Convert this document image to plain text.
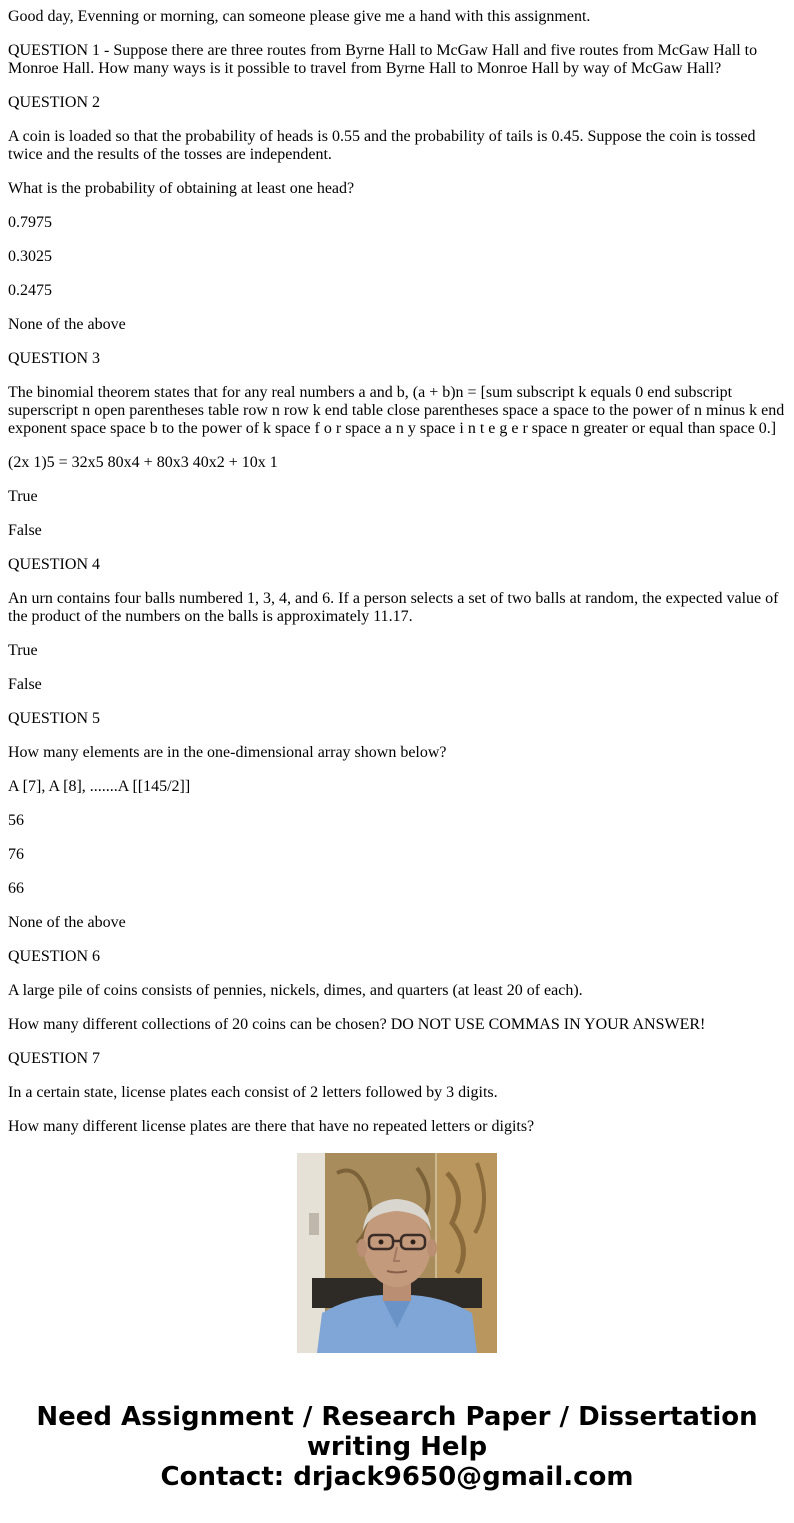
Good day, Evenning or morning, can someone please give me a hand with this assignment.

QUESTION 1 - Suppose there are three routes from Byrne Hall to McGaw Hall and five routes from McGaw Hall to Monroe Hall. How many ways is it possible to travel from Byrne Hall to Monroe Hall by way of McGaw Hall?

QUESTION 2

A coin is loaded so that the probability of heads is 0.55 and the probability of tails is 0.45. Suppose the coin is tossed twice and the results of the tosses are independent.

What is the probability of obtaining at least one head?

0.7975

0.3025

0.2475

None of the above

QUESTION 3

The binomial theorem states that for any real numbers a and b, (a + b)n = [sum subscript k equals 0 end subscript superscript n open parentheses table row n row k end table close parentheses space a space to the power of n minus k end exponent space space b to the power of k space f o r space a n y space i n t e g e r space n greater or equal than space 0.]

(2x 1)5 = 32x5 80x4 + 80x3 40x2 + 10x 1

True

False

QUESTION 4

An urn contains four balls numbered 1, 3, 4, and 6. If a person selects a set of two balls at random, the expected value of the product of the numbers on the balls is approximately 11.17.

True

False

QUESTION 5

How many elements are in the one-dimensional array shown below?

A [7], A [8], .......A [[145/2]]

56

76

66

None of the above

QUESTION 6

A large pile of coins consists of pennies, nickels, dimes, and quarters (at least 20 of each).

How many different collections of 20 coins can be chosen? DO NOT USE COMMAS IN YOUR ANSWER!

QUESTION 7

In a certain state, license plates each consist of 2 letters followed by 3 digits.

How many different license plates are there that have no repeated letters or digits?

Need Assignment / Research Paper / Dissertation writing Help
Contact: drjack9650@gmail.com
